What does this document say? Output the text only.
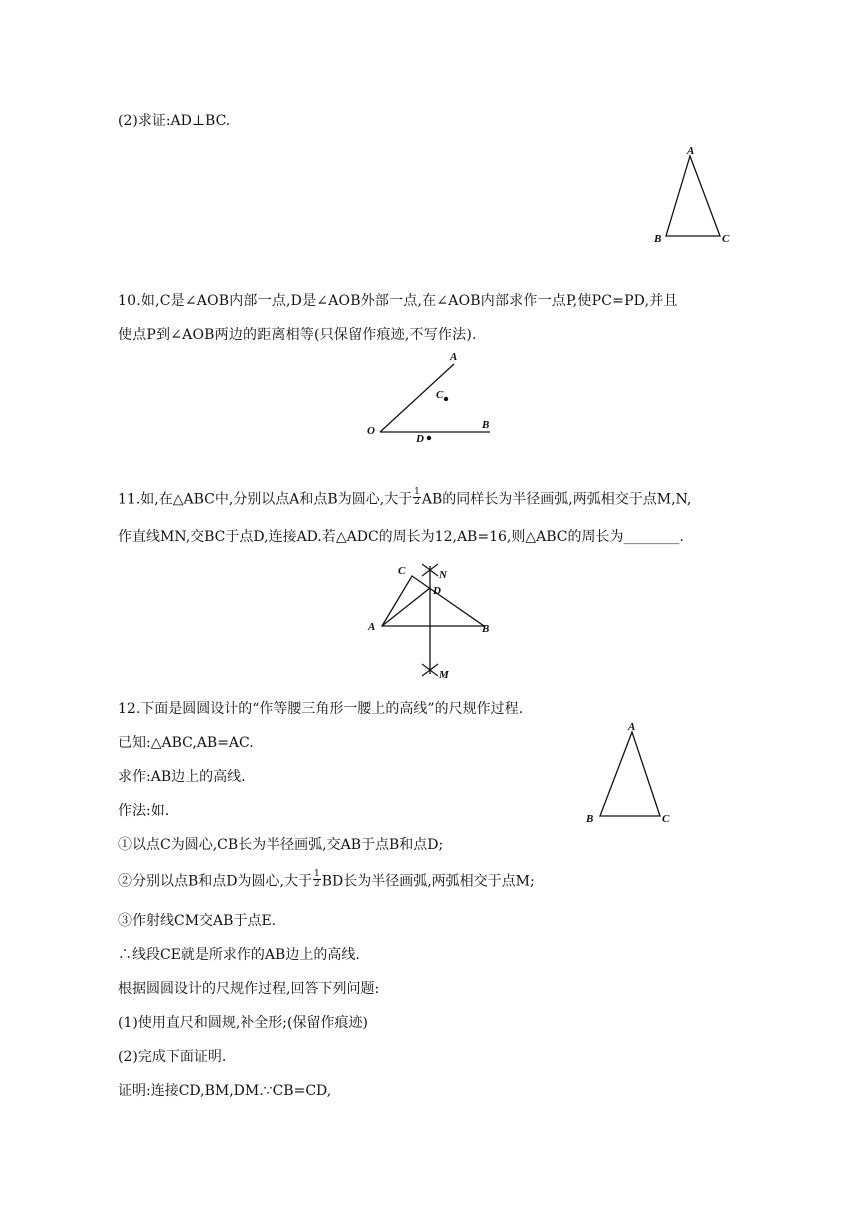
(2)求证:AD⊥BC.
A
B	C
10.如,C是∠AOB内部一点,D是∠AOB外部一点,在∠AOB内部求作一点P,使PC=PD,并且
使点P到∠AOB两边的距离相等(只保留作痕迹,不写作法).
A
C
O
D
B
11.如,在△ABC中,分别以点A和点B为圆心,大于 $\frac{1}{2}$ AB的同样长为半径画弧,两弧相交于点M,N,
作直线MN,交BC于点D,连接AD.若△ADC的周长为12,AB=16,则△ABC的周长为________.
C	N
D
A	B
M
12.下面是圆圆设计的“作等腰三角形一腰上的高线”的尺规作过程.
已知:△ABC,AB=AC.
求作:AB边上的高线.
作法:如.
①以点C为圆心,CB长为半径画弧,交AB于点B和点D;
②分别以点B和点D为圆心,大于 $\frac{1}{2}$ BD长为半径画弧,两弧相交于点M;
③作射线CM交AB于点E.
∴线段CE就是所求作的AB边上的高线.
根据圆圆设计的尺规作过程,回答下列问题:
(1)使用直尺和圆规,补全形;(保留作痕迹)
(2)完成下面证明.
证明:连接CD,BM,DM.∵CB=CD,
A
B	C
